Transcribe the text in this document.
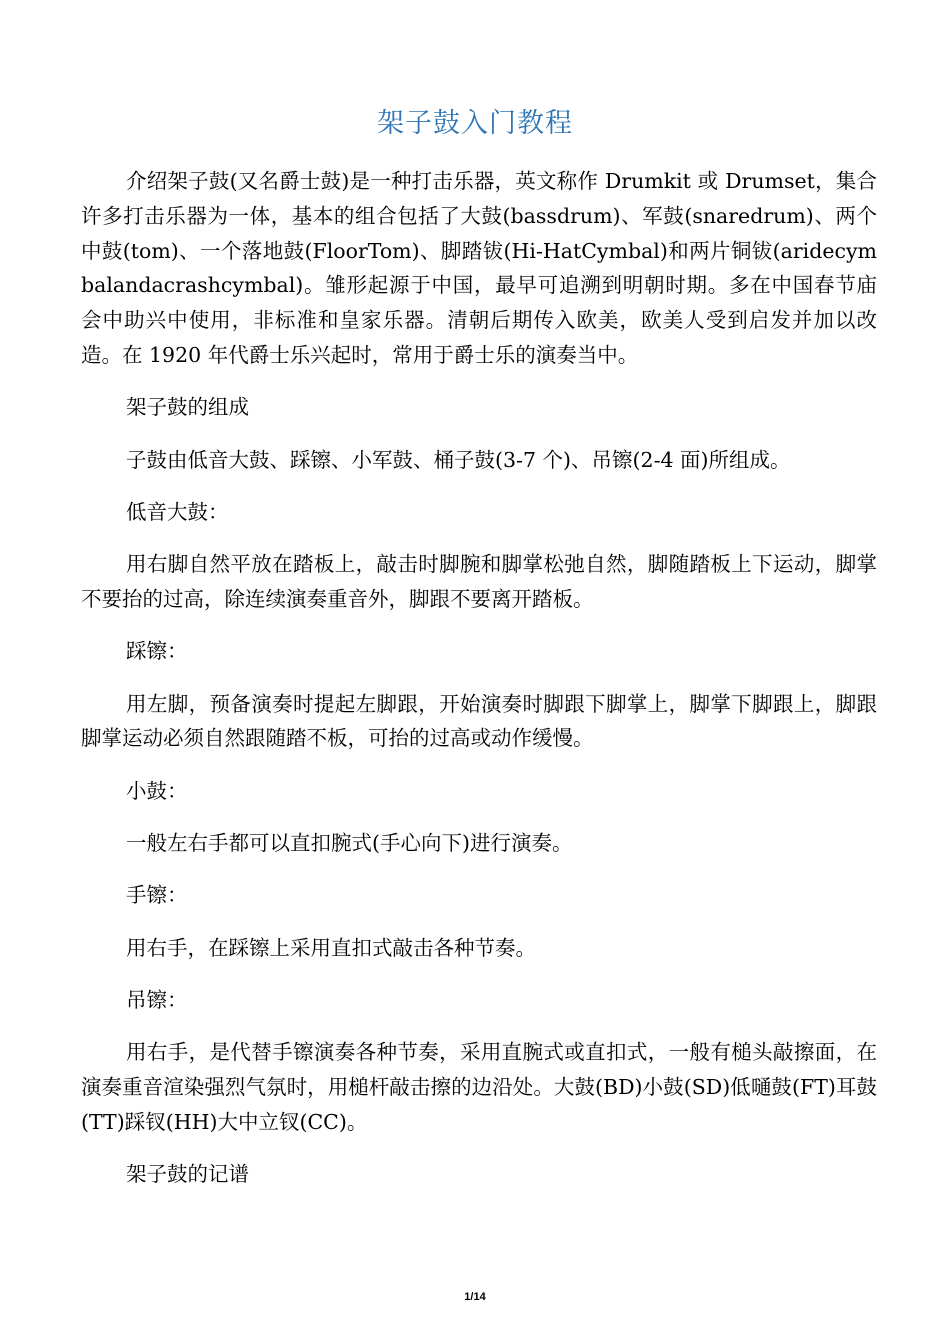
架子鼓入门教程

介绍架子鼓(又名爵士鼓)是一种打击乐器，英文称作 Drumkit 或 Drumset，集合许多打击乐器为一体，基本的组合包括了大鼓(bassdrum)、军鼓(snaredrum)、两个中鼓(tom)、一个落地鼓(FloorTom)、脚踏钹(Hi-HatCymbal)和两片铜钹(aridecymbalandacrashcymbal)。雏形起源于中国，最早可追溯到明朝时期。多在中国春节庙会中助兴中使用，非标准和皇家乐器。清朝后期传入欧美，欧美人受到启发并加以改造。在 1920 年代爵士乐兴起时，常用于爵士乐的演奏当中。

架子鼓的组成

子鼓由低音大鼓、踩镲、小军鼓、桶子鼓(3-7 个)、吊镲(2-4 面)所组成。

低音大鼓：

用右脚自然平放在踏板上，敲击时脚腕和脚掌松弛自然，脚随踏板上下运动，脚掌不要抬的过高，除连续演奏重音外，脚跟不要离开踏板。

踩镲：

用左脚，预备演奏时提起左脚跟，开始演奏时脚跟下脚掌上，脚掌下脚跟上，脚跟脚掌运动必须自然跟随踏不板，可抬的过高或动作缓慢。

小鼓：

一般左右手都可以直扣腕式(手心向下)进行演奏。

手镲：

用右手，在踩镲上采用直扣式敲击各种节奏。

吊镲：

用右手，是代替手镲演奏各种节奏，采用直腕式或直扣式，一般有槌头敲擦面，在演奏重音渲染强烈气氛时，用槌杆敲击擦的边沿处。大鼓(BD)小鼓(SD)低嗵鼓(FT)耳鼓(TT)踩钗(HH)大中立钗(CC)。

架子鼓的记谱

1/14
